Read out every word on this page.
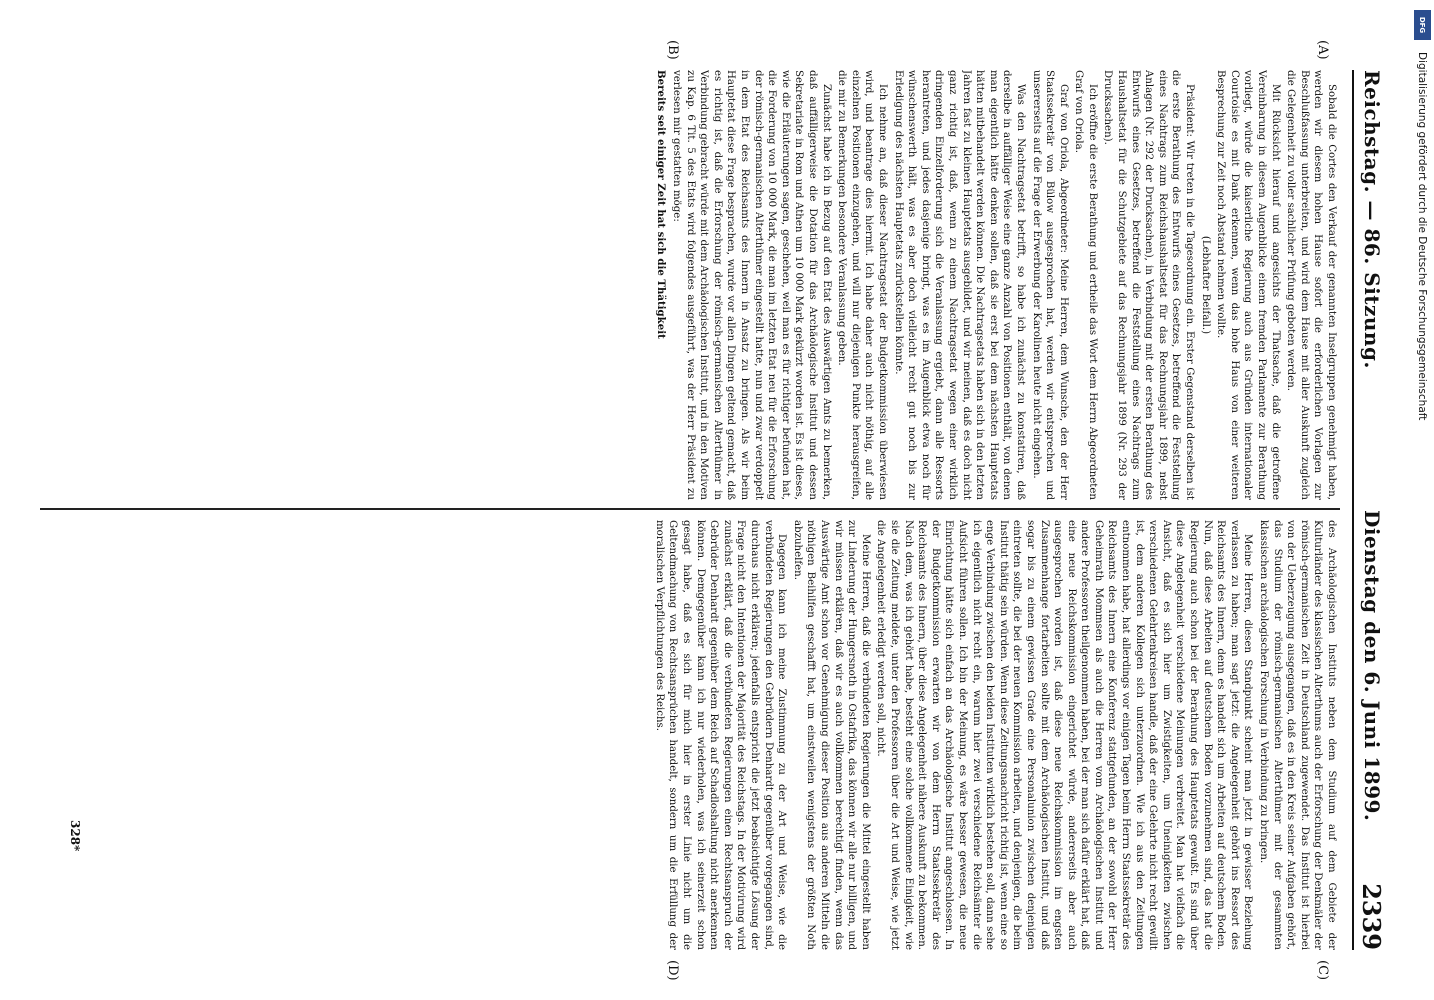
Reichstag. — 86. Sitzung.
Dienstag den 6. Juni 1899.
2339
(A)
(B)
(C)
(D)

Sobald die Cortes den Verkauf der genannten Inselgruppen genehmigt haben, werden wir diesem hohen Hause sofort die erforderlichen Vorlagen zur Beschlußfassung unterbreiten, und wird dem Hause mit aller Auskunft zugleich die Gelegenheit zu voller sachlicher Prüfung geboten werden.

Mit Rücksicht hierauf und angesichts der Thatsache, daß die getroffene Vereinbarung in diesem Augenblicke einem fremden Parlamente zur Berathung vorliegt, würde die kaiserliche Regierung auch aus Gründen internationaler Courtoisie es mit Dank erkennen, wenn das hohe Haus von einer weiteren Besprechung zur Zeit noch Abstand nehmen wollte.

(Lebhafter Beifall.)

Präsident: Wir treten in die Tagesordnung ein. Erster Gegenstand derselben ist die erste Berathung des Entwurfs eines Gesetzes, betreffend die Feststellung eines Nachtrags zum Reichshaushaltsetat für das Rechnungsjahr 1899, nebst Anlagen (Nr. 292 der Drucksachen), in Verbindung mit der ersten Berathung des Entwurfs eines Gesetzes, betreffend die Feststellung eines Nachtrags zum Haushaltsetat für die Schutzgebiete auf das Rechnungsjahr 1899 (Nr. 293 der Drucksachen).

Ich eröffne die erste Berathung und ertheile das Wort dem Herrn Abgeordneten Graf von Oriola.

Graf von Oriola, Abgeordneter: Meine Herren, dem Wunsche, den der Herr Staatssekretär von Bülow ausgesprochen hat, werden wir entsprechen und unsererseits auf die Frage der Erwerbung der Karolinen heute nicht eingehen.

Was den Nachtragsetat betrifft, so habe ich zunächst zu konstatiren, daß derselbe in auffälliger Weise eine ganze Anzahl von Positionen enthält, von denen man eigentlich hätte denken sollen, daß sie erst bei dem nächsten Hauptetats hätten mitbehandelt werden können. Die Nachtragsetats haben sich in den letzten Jahren fast zu kleinen Hauptetats ausgebildet, und wir meinen, daß es doch nicht ganz richtig ist, daß, wenn zu einem Nachtragsetat wegen einer wirklich dringenden Einzelforderung sich die Veranlassung ergiebt, dann alle Ressorts herantreten, und jedes dasjenige bringt, was es im Augenblick etwa noch für wünschenswerth hält, was es aber doch vielleicht recht gut noch bis zur Erledigung des nächsten Hauptetats zurückstellen könnte.

Ich nehme an, daß dieser Nachtragsetat der Budgetkommission überwiesen wird, und beantrage dies hiermit. Ich habe daher auch nicht nöthig, auf alle einzelnen Positionen einzugehen, und will nur diejenigen Punkte herausgreifen, die mir zu Bemerkungen besondere Veranlassung geben.

Zunächst habe ich in Bezug auf den Etat des Auswärtigen Amts zu bemerken, daß auffälligerweise die Dotation für das Archäologische Institut und dessen Sekretariate in Rom und Athen um 10 000 Mark gekürzt worden ist. Es ist dieses, wie die Erläuterungen sagen, geschehen, weil man es für richtiger befunden hat, die Forderung von 10 000 Mark, die man im letzten Etat neu für die Erforschung der römisch-germanischen Alterthümer eingestellt hatte, nun und zwar verdoppelt in dem Etat des Reichsamts des Innern in Ansatz zu bringen. Als wir beim Hauptetat diese Frage besprachen, wurde vor allen Dingen geltend gemacht, daß es richtig ist, daß die Erforschung der römisch-germanischen Alterthümer in Verbindung gebracht würde mit dem Archäologischen Institut, und in den Motiven zu Kap. 6 Tit. 5 des Etats wird folgendes ausgeführt, was der Herr Präsident zu verlesen mir gestatten möge:

Bereits seit einiger Zeit hat sich die Thätigkeit

des Archäologischen Instituts neben dem Studium auf dem Gebiete der Kulturländer des klassischen Alterthums auch der Erforschung der Denkmäler der römisch-germanischen Zeit in Deutschland zugewendet. Das Institut ist hierbei von der Ueberzeugung ausgegangen, daß es in den Kreis seiner Aufgaben gehört, das Studium der römisch-germanischen Alterthümer mit der gesammten klassischen archäologischen Forschung in Verbindung zu bringen.

Meine Herren, diesen Standpunkt scheint man jetzt in gewisser Beziehung verlassen zu haben; man sagt jetzt: die Angelegenheit gehört ins Ressort des Reichsamts des Innern, denn es handelt sich um Arbeiten auf deutschem Boden. Nun, daß diese Arbeiten auf deutschem Boden vorzunehmen sind, das hat die Regierung auch schon bei der Berathung des Hauptetats gewußt. Es sind über diese Angelegenheit verschiedene Meinungen verbreitet. Man hat vielfach die Ansicht, daß es sich hier um Zwistigkeiten, um Uneinigkeiten zwischen verschiedenen Gelehrtenkreisen handle, daß der eine Gelehrte nicht recht gewillt ist, dem anderen Kollegen sich unterzuordnen. Wie ich aus den Zeitungen entnommen habe, hat allerdings vor einigen Tagen beim Herrn Staatssekretär des Reichsamts des Innern eine Konferenz stattgefunden, an der sowohl der Herr Geheimrath Mommsen als auch die Herren vom Archäologischen Institut und andere Professoren theilgenommen haben, bei der man sich dafür erklärt hat, daß eine neue Reichskommission eingerichtet würde, andererseits aber auch ausgesprochen worden ist, daß diese neue Reichskommission im engsten Zusammenhange fortarbeiten sollte mit dem Archäologischen Institut, und daß sogar bis zu einem gewissen Grade eine Personalunion zwischen denjenigen eintreten sollte, die bei der neuen Kommission arbeiten, und denjenigen, die beim Institut thätig sein würden. Wenn diese Zeitungsnachricht richtig ist, wenn eine so enge Verbindung zwischen den beiden Instituten wirklich bestehen soll, dann sehe ich eigentlich nicht recht ein, warum hier zwei verschiedene Reichsämter die Aufsicht führen sollen. Ich bin der Meinung, es wäre besser gewesen, die neue Einrichtung hätte sich einfach an das Archäologische Institut angeschlossen. In der Budgetkommission erwarten wir von dem Herrn Staatssekretär des Reichsamts des Innern, über diese Angelegenheit nähere Auskunft zu bekommen. Nach dem, was ich gehört habe, besteht eine solche vollkommene Einigkeit, wie sie die Zeitung meldete, unter den Professoren über die Art und Weise, wie jetzt die Angelegenheit erledigt werden soll, nicht.

Meine Herren, daß die verbündeten Regierungen die Mittel eingestellt haben zur Linderung der Hungersnoth in Ostafrika, das können wir alle nur billigen, und wir müssen erklären, daß wir es auch vollkommen berechtigt finden, wenn das Auswärtige Amt schon vor Genehmigung dieser Position aus anderen Mitteln die nöthigen Beihilfen geschafft hat, um einstweilen wenigstens der größten Noth abzuhelfen.

Dagegen kann ich meine Zustimmung zu der Art und Weise, wie die verbündeten Regierungen den Gebrüdern Denhardt gegenüber vorgegangen sind, durchaus nicht erklären; jedenfalls entspricht die jetzt beabsichtigte Lösung der Frage nicht den Intentionen der Majorität des Reichstags. In der Motivirung wird zunächst erklärt, daß die verbündeten Regierungen einen Rechtsanspruch der Gebrüder Denhardt gegenüber dem Reich auf Schadloshaltung nicht anerkennen können. Demgegenüber kann ich nur wiederholen, was ich seinerzeit schon gesagt habe, daß es sich für mich hier in erster Linie nicht um die Geltendmachung von Rechtsansprüchen handelt, sondern um die Erfüllung der moralischen Verpflichtungen des Reichs.

328*
DFG
Digitalisierung gefördert durch die Deutsche Forschungsgemeinschaft
